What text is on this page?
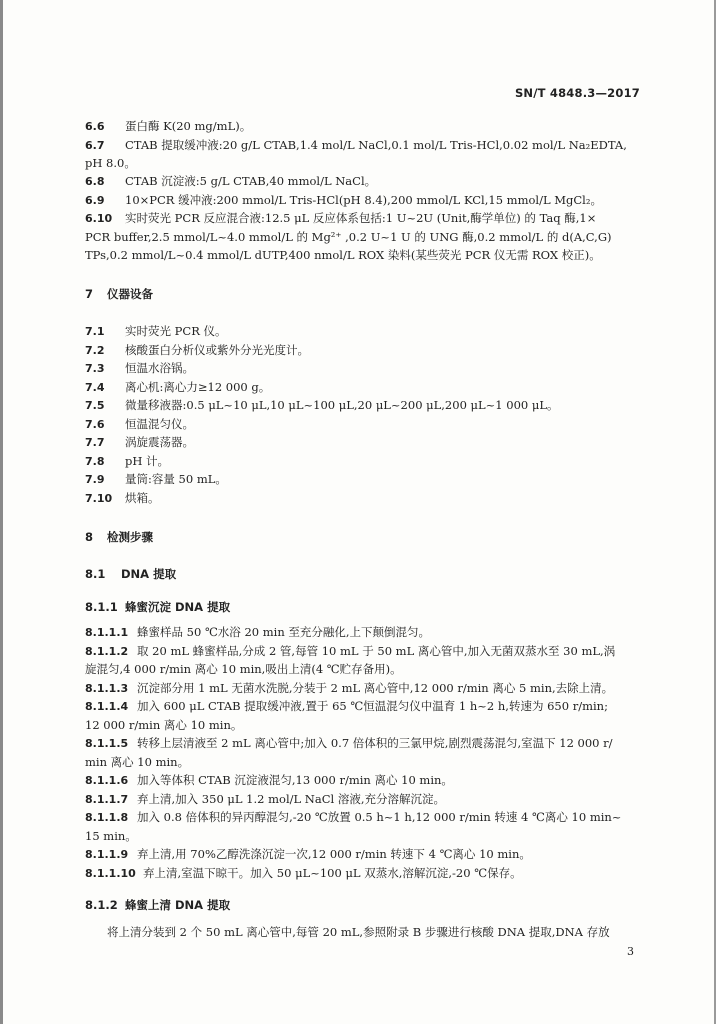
SN/T 4848.3—2017
6.6 蛋白酶 K(20 mg/mL)。
6.7 CTAB 提取缓冲液:20 g/L CTAB,1.4 mol/L NaCl,0.1 mol/L Tris-HCl,0.02 mol/L Na₂EDTA,
pH 8.0。
6.8 CTAB 沉淀液:5 g/L CTAB,40 mmol/L NaCl。
6.9 10×PCR 缓冲液:200 mmol/L Tris-HCl(pH 8.4),200 mmol/L KCl,15 mmol/L MgCl₂。
6.10 实时荧光 PCR 反应混合液:12.5 μL 反应体系包括:1 U~2U (Unit,酶学单位) 的 Taq 酶,1×
PCR buffer,2.5 mmol/L~4.0 mmol/L 的 Mg²⁺ ,0.2 U~1 U 的 UNG 酶,0.2 mmol/L 的 d(A,C,G)
TPs,0.2 mmol/L~0.4 mmol/L dUTP,400 nmol/L ROX 染料(某些荧光 PCR 仪无需 ROX 校正)。
7 仪器设备
7.1 实时荧光 PCR 仪。
7.2 核酸蛋白分析仪或紫外分光光度计。
7.3 恒温水浴锅。
7.4 离心机:离心力≥12 000 g。
7.5 微量移液器:0.5 μL~10 μL,10 μL~100 μL,20 μL~200 μL,200 μL~1 000 μL。
7.6 恒温混匀仪。
7.7 涡旋震荡器。
7.8 pH 计。
7.9 量筒:容量 50 mL。
7.10 烘箱。
8 检测步骤
8.1 DNA 提取
8.1.1 蜂蜜沉淀 DNA 提取
8.1.1.1 蜂蜜样品 50 ℃水浴 20 min 至充分融化,上下颠倒混匀。
8.1.1.2 取 20 mL 蜂蜜样品,分成 2 管,每管 10 mL 于 50 mL 离心管中,加入无菌双蒸水至 30 mL,涡
旋混匀,4 000 r/min 离心 10 min,吸出上清(4 ℃贮存备用)。
8.1.1.3 沉淀部分用 1 mL 无菌水洗脱,分装于 2 mL 离心管中,12 000 r/min 离心 5 min,去除上清。
8.1.1.4 加入 600 μL CTAB 提取缓冲液,置于 65 ℃恒温混匀仪中温育 1 h~2 h,转速为 650 r/min;
12 000 r/min 离心 10 min。
8.1.1.5 转移上层清液至 2 mL 离心管中;加入 0.7 倍体积的三氯甲烷,剧烈震荡混匀,室温下 12 000 r/
min 离心 10 min。
8.1.1.6 加入等体积 CTAB 沉淀液混匀,13 000 r/min 离心 10 min。
8.1.1.7 弃上清,加入 350 μL 1.2 mol/L NaCl 溶液,充分溶解沉淀。
8.1.1.8 加入 0.8 倍体积的异丙醇混匀,-20 ℃放置 0.5 h~1 h,12 000 r/min 转速 4 ℃离心 10 min~
15 min。
8.1.1.9 弃上清,用 70%乙醇洗涤沉淀一次,12 000 r/min 转速下 4 ℃离心 10 min。
8.1.1.10 弃上清,室温下晾干。加入 50 μL~100 μL 双蒸水,溶解沉淀,-20 ℃保存。
8.1.2 蜂蜜上清 DNA 提取
将上清分装到 2 个 50 mL 离心管中,每管 20 mL,参照附录 B 步骤进行核酸 DNA 提取,DNA 存放
3
